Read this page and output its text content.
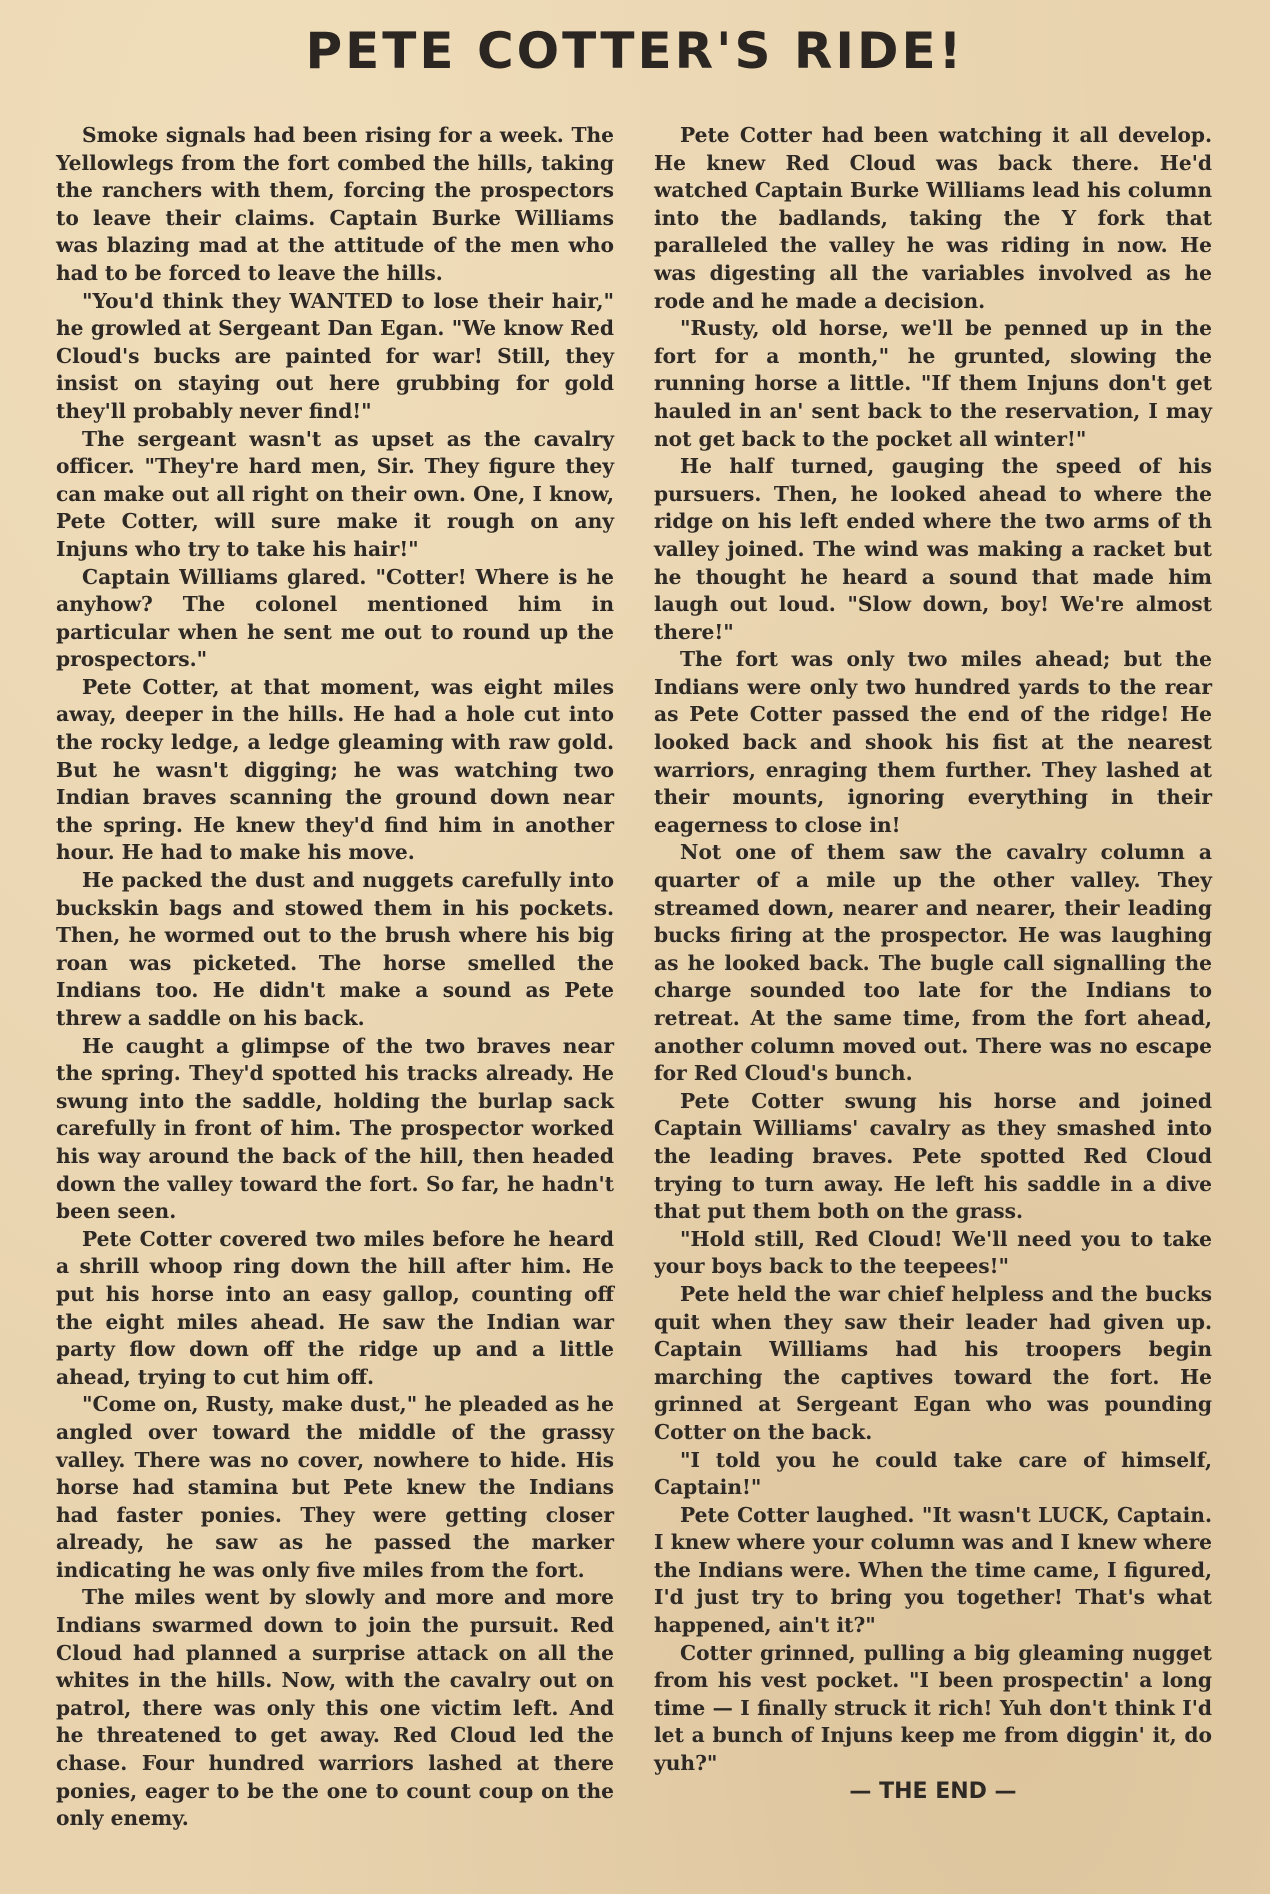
PETE COTTER'S RIDE!

Smoke signals had been rising for a week. The Yellowlegs from the fort combed the hills, taking the ranchers with them, forcing the prospectors to leave their claims. Captain Burke Williams was blazing mad at the attitude of the men who had to be forced to leave the hills.

"You'd think they WANTED to lose their hair," he growled at Sergeant Dan Egan. "We know Red Cloud's bucks are painted for war! Still, they insist on staying out here grubbing for gold they'll probably never find!"

The sergeant wasn't as upset as the cavalry officer. "They're hard men, Sir. They figure they can make out all right on their own. One, I know, Pete Cotter, will sure make it rough on any Injuns who try to take his hair!"

Captain Williams glared. "Cotter! Where is he anyhow? The colonel mentioned him in particular when he sent me out to round up the prospectors."

Pete Cotter, at that moment, was eight miles away, deeper in the hills. He had a hole cut into the rocky ledge, a ledge gleaming with raw gold. But he wasn't digging; he was watching two Indian braves scanning the ground down near the spring. He knew they'd find him in another hour. He had to make his move.

He packed the dust and nuggets carefully into buckskin bags and stowed them in his pockets. Then, he wormed out to the brush where his big roan was picketed. The horse smelled the Indians too. He didn't make a sound as Pete threw a saddle on his back.

He caught a glimpse of the two braves near the spring. They'd spotted his tracks already. He swung into the saddle, holding the burlap sack carefully in front of him. The prospector worked his way around the back of the hill, then headed down the valley toward the fort. So far, he hadn't been seen.

Pete Cotter covered two miles before he heard a shrill whoop ring down the hill after him. He put his horse into an easy gallop, counting off the eight miles ahead. He saw the Indian war party flow down off the ridge up and a little ahead, trying to cut him off.

"Come on, Rusty, make dust," he pleaded as he angled over toward the middle of the grassy valley. There was no cover, nowhere to hide. His horse had stamina but Pete knew the Indians had faster ponies. They were getting closer already, he saw as he passed the marker indicating he was only five miles from the fort.

The miles went by slowly and more and more Indians swarmed down to join the pursuit. Red Cloud had planned a surprise attack on all the whites in the hills. Now, with the cavalry out on patrol, there was only this one victim left. And he threatened to get away. Red Cloud led the chase. Four hundred warriors lashed at there ponies, eager to be the one to count coup on the only enemy.

Pete Cotter had been watching it all develop. He knew Red Cloud was back there. He'd watched Captain Burke Williams lead his column into the badlands, taking the Y fork that paralleled the valley he was riding in now. He was digesting all the variables involved as he rode and he made a decision.

"Rusty, old horse, we'll be penned up in the fort for a month," he grunted, slowing the running horse a little. "If them Injuns don't get hauled in an' sent back to the reservation, I may not get back to the pocket all winter!"

He half turned, gauging the speed of his pursuers. Then, he looked ahead to where the ridge on his left ended where the two arms of th valley joined. The wind was making a racket but he thought he heard a sound that made him laugh out loud. "Slow down, boy! We're almost there!"

The fort was only two miles ahead; but the Indians were only two hundred yards to the rear as Pete Cotter passed the end of the ridge! He looked back and shook his fist at the nearest warriors, enraging them further. They lashed at their mounts, ignoring everything in their eagerness to close in!

Not one of them saw the cavalry column a quarter of a mile up the other valley. They streamed down, nearer and nearer, their leading bucks firing at the prospector. He was laughing as he looked back. The bugle call signalling the charge sounded too late for the Indians to retreat. At the same time, from the fort ahead, another column moved out. There was no escape for Red Cloud's bunch.

Pete Cotter swung his horse and joined Captain Williams' cavalry as they smashed into the leading braves. Pete spotted Red Cloud trying to turn away. He left his saddle in a dive that put them both on the grass.

"Hold still, Red Cloud! We'll need you to take your boys back to the teepees!"

Pete held the war chief helpless and the bucks quit when they saw their leader had given up. Captain Williams had his troopers begin marching the captives toward the fort. He grinned at Sergeant Egan who was pounding Cotter on the back.

"I told you he could take care of himself, Captain!"

Pete Cotter laughed. "It wasn't LUCK, Captain. I knew where your column was and I knew where the Indians were. When the time came, I figured, I'd just try to bring you together! That's what happened, ain't it?"

Cotter grinned, pulling a big gleaming nugget from his vest pocket. "I been prospectin' a long time — I finally struck it rich! Yuh don't think I'd let a bunch of Injuns keep me from diggin' it, do yuh?"

— THE END —
